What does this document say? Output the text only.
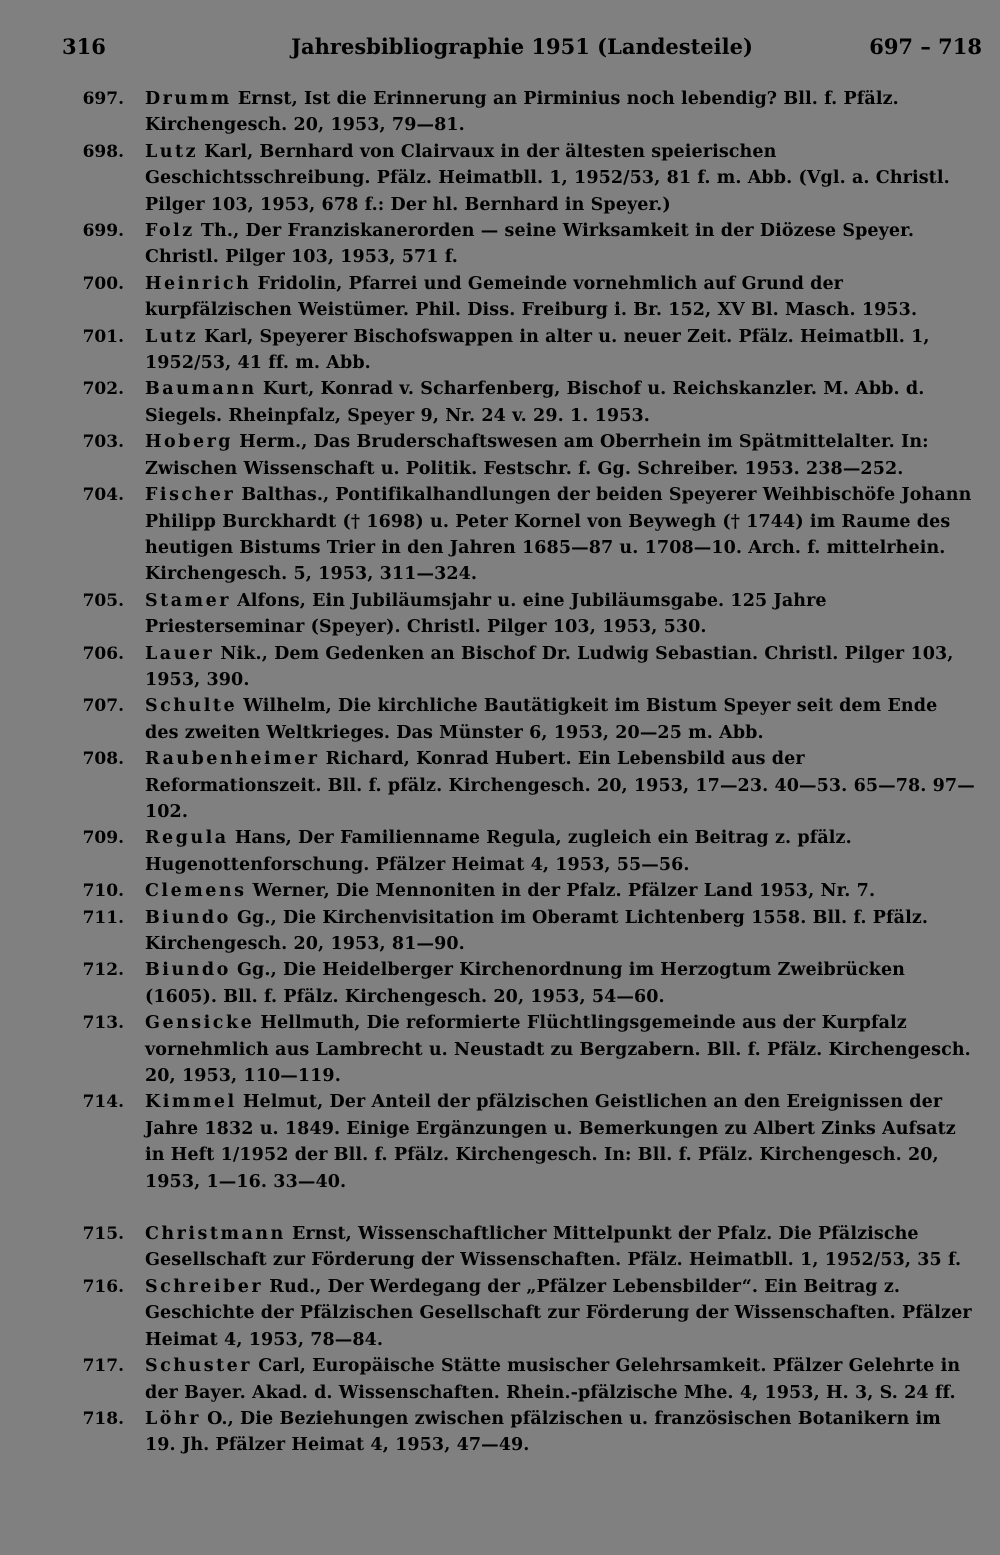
316	Jahresbibliographie 1951 (Landesteile)	697 – 718
697. Drumm Ernst, Ist die Erinnerung an Pirminius noch lebendig? Bll. f. Pfälz. Kirchengesch. 20, 1953, 79—81.
698. Lutz Karl, Bernhard von Clairvaux in der ältesten speierischen Geschichtsschreibung. Pfälz. Heimatbll. 1, 1952/53, 81 f. m. Abb. (Vgl. a. Christl. Pilger 103, 1953, 678 f.: Der hl. Bernhard in Speyer.)
699. Folz Th., Der Franziskanerorden — seine Wirksamkeit in der Diözese Speyer. Christl. Pilger 103, 1953, 571 f.
700. Heinrich Fridolin, Pfarrei und Gemeinde vornehmlich auf Grund der kurpfälzischen Weistümer. Phil. Diss. Freiburg i. Br. 152, XV Bl. Masch. 1953.
701. Lutz Karl, Speyerer Bischofswappen in alter u. neuer Zeit. Pfälz. Heimatbll. 1, 1952/53, 41 ff. m. Abb.
702. Baumann Kurt, Konrad v. Scharfenberg, Bischof u. Reichskanzler. M. Abb. d. Siegels. Rheinpfalz, Speyer 9, Nr. 24 v. 29. 1. 1953.
703. Hoberg Herm., Das Bruderschaftswesen am Oberrhein im Spätmittelalter. In: Zwischen Wissenschaft u. Politik. Festschr. f. Gg. Schreiber. 1953. 238—252.
704. Fischer Balthas., Pontifikalhandlungen der beiden Speyerer Weihbischöfe Johann Philipp Burckhardt († 1698) u. Peter Kornel von Beywegh († 1744) im Raume des heutigen Bistums Trier in den Jahren 1685—87 u. 1708—10. Arch. f. mittelrhein. Kirchengesch. 5, 1953, 311—324.
705. Stamer Alfons, Ein Jubiläumsjahr u. eine Jubiläumsgabe. 125 Jahre Priesterseminar (Speyer). Christl. Pilger 103, 1953, 530.
706. Lauer Nik., Dem Gedenken an Bischof Dr. Ludwig Sebastian. Christl. Pilger 103, 1953, 390.
707. Schulte Wilhelm, Die kirchliche Bautätigkeit im Bistum Speyer seit dem Ende des zweiten Weltkrieges. Das Münster 6, 1953, 20—25 m. Abb.
708. Raubenheimer Richard, Konrad Hubert. Ein Lebensbild aus der Reformationszeit. Bll. f. pfälz. Kirchengesch. 20, 1953, 17—23. 40—53. 65—78. 97—102.
709. Regula Hans, Der Familienname Regula, zugleich ein Beitrag z. pfälz. Hugenottenforschung. Pfälzer Heimat 4, 1953, 55—56.
710. Clemens Werner, Die Mennoniten in der Pfalz. Pfälzer Land 1953, Nr. 7.
711. Biundo Gg., Die Kirchenvisitation im Oberamt Lichtenberg 1558. Bll. f. Pfälz. Kirchengesch. 20, 1953, 81—90.
712. Biundo Gg., Die Heidelberger Kirchenordnung im Herzogtum Zweibrücken (1605). Bll. f. Pfälz. Kirchengesch. 20, 1953, 54—60.
713. Gensicke Hellmuth, Die reformierte Flüchtlingsgemeinde aus der Kurpfalz vornehmlich aus Lambrecht u. Neustadt zu Bergzabern. Bll. f. Pfälz. Kirchengesch. 20, 1953, 110—119.
714. Kimmel Helmut, Der Anteil der pfälzischen Geistlichen an den Ereignissen der Jahre 1832 u. 1849. Einige Ergänzungen u. Bemerkungen zu Albert Zinks Aufsatz in Heft 1/1952 der Bll. f. Pfälz. Kirchengesch. In: Bll. f. Pfälz. Kirchengesch. 20, 1953, 1—16. 33—40.
715. Christmann Ernst, Wissenschaftlicher Mittelpunkt der Pfalz. Die Pfälzische Gesellschaft zur Förderung der Wissenschaften. Pfälz. Heimatbll. 1, 1952/53, 35 f.
716. Schreiber Rud., Der Werdegang der „Pfälzer Lebensbilder“. Ein Beitrag z. Geschichte der Pfälzischen Gesellschaft zur Förderung der Wissenschaften. Pfälzer Heimat 4, 1953, 78—84.
717. Schuster Carl, Europäische Stätte musischer Gelehrsamkeit. Pfälzer Gelehrte in der Bayer. Akad. d. Wissenschaften. Rhein.-pfälzische Mhe. 4, 1953, H. 3, S. 24 ff.
718. Löhr O., Die Beziehungen zwischen pfälzischen u. französischen Botanikern im 19. Jh. Pfälzer Heimat 4, 1953, 47—49.
